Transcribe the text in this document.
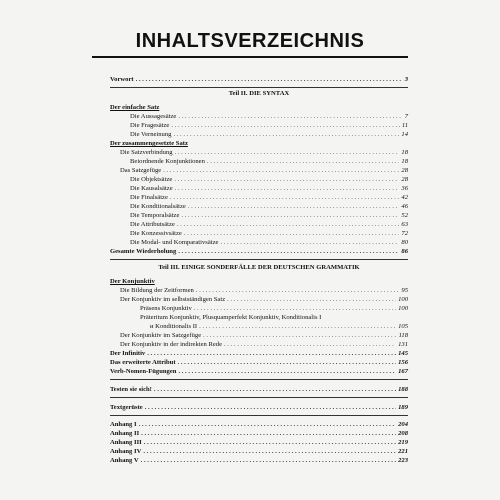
INHALTSVERZEICHNIS
Vorwort . . .	3
Teil II. DIE SYNTAX
Der einfache Satz
Die Aussagesätze . . .	7
Die Fragesätze . . .	11
Die Verneinung . . .	14
Der zusammengesetzte Satz
Die Satzverbindung . . .	18
Beiordnende Konjunktionen . . .	18
Das Satzgefüge . . .	28
Die Objektsätze . . .	28
Die Kausalsätze . . .	36
Die Finalsätze . . .	42
Die Konditionalsätze . . .	46
Die Temporalsätze . . .	52
Die Attributsätze . . .	63
Die Konzessivsätze . . .	72
Die Modal- und Komparativsätze . . .	80
Gesamte Wiederholung . . .	86
Teil III. EINIGE SONDERFÄLLE DER DEUTSCHEN GRAMMATIK
Der Konjunktiv
Die Bildung der Zeitformen . . .	95
Der Konjunktiv im selbstständigen Satz . . .	100
Präsens Konjunktiv . . .	100
Präteritum Konjunktiv, Plusquamperfekt Konjunktiv, Konditionalis I
и Konditionalis II . . .	105
Der Konjunktiv im Satzgefüge . . .	118
Der Konjunktiv in der indirekten Rede . . .	131
Der Infinitiv . . .	145
Das erweiterte Attribut . . .	156
Verb-Nomen-Fügungen . . .	167
Testen sie sich! . . .	188
Textgerüste . . .	189
Anhang I . . .	204
Anhang II . . .	208
Anhang III . . .	219
Anhang IV . . .	221
Anhang V . . .	223
